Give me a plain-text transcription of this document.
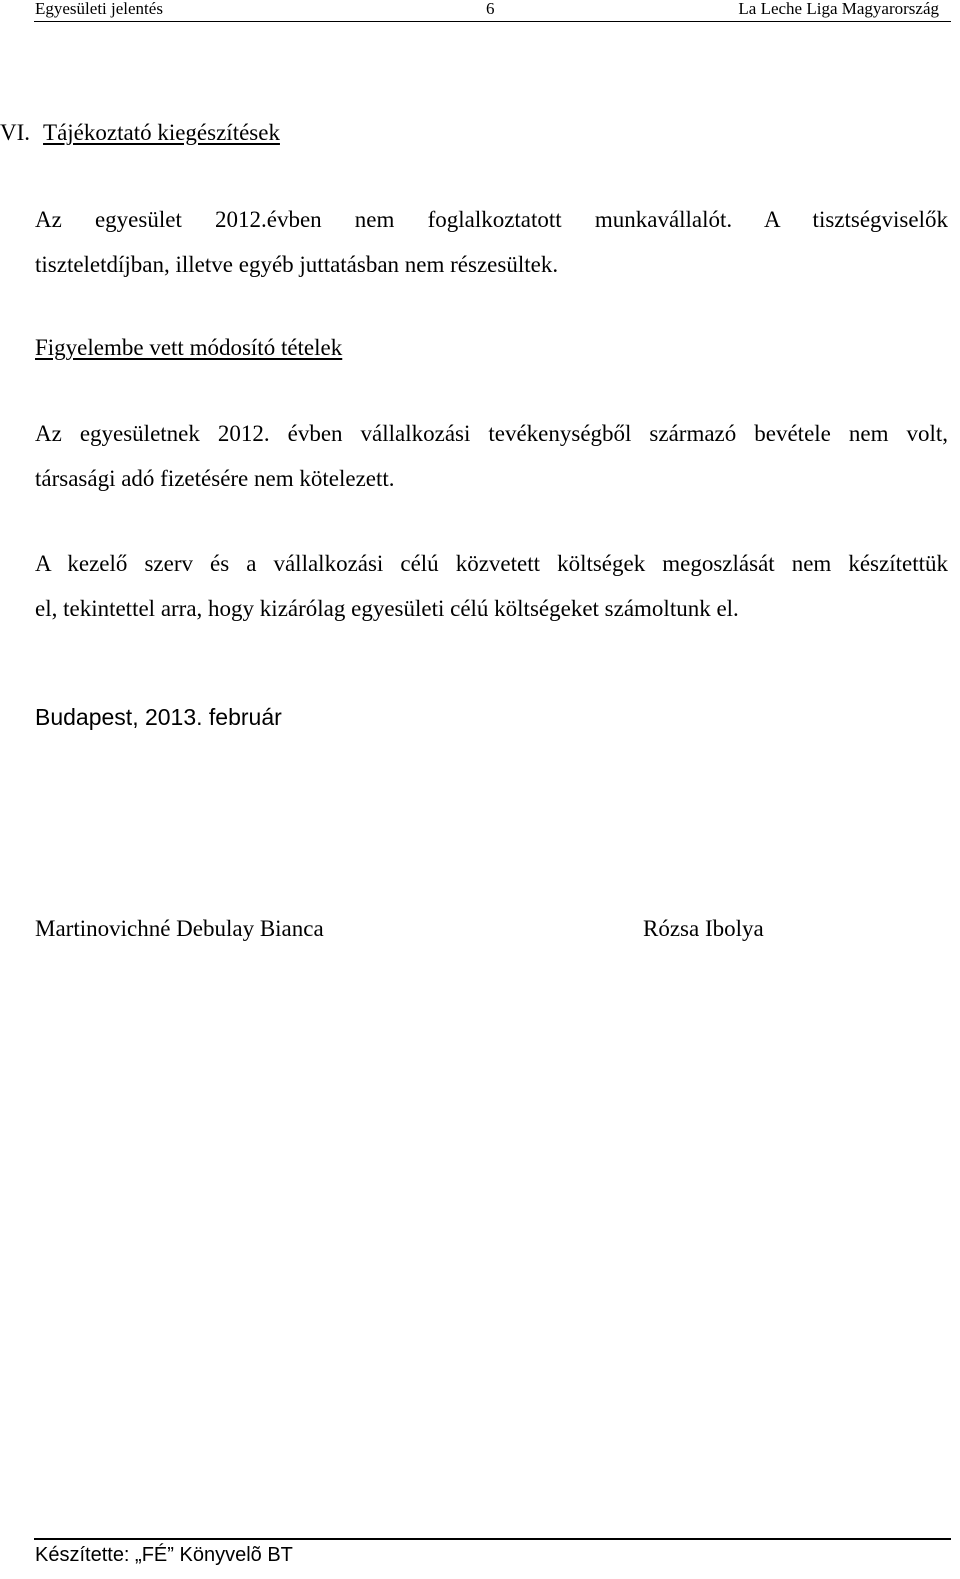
Egyesületi jelentés	6	La Leche Liga Magyarország
VI. Tájékoztató kiegészítések
Az egyesület 2012.évben nem foglalkoztatott munkavállalót. A tisztségviselők
tiszteletdíjban, illetve egyéb juttatásban nem részesültek.
Figyelembe vett módosító tételek
Az egyesületnek 2012. évben vállalkozási tevékenységből származó bevétele nem volt,
társasági adó fizetésére nem kötelezett.
A kezelő szerv és a vállalkozási célú közvetett költségek megoszlását nem készítettük
el, tekintettel arra, hogy kizárólag egyesületi célú költségeket számoltunk el.
Budapest, 2013. február
Martinovichné Debulay Bianca	Rózsa Ibolya
Készítette: „FÉ” Könyvelõ BT
